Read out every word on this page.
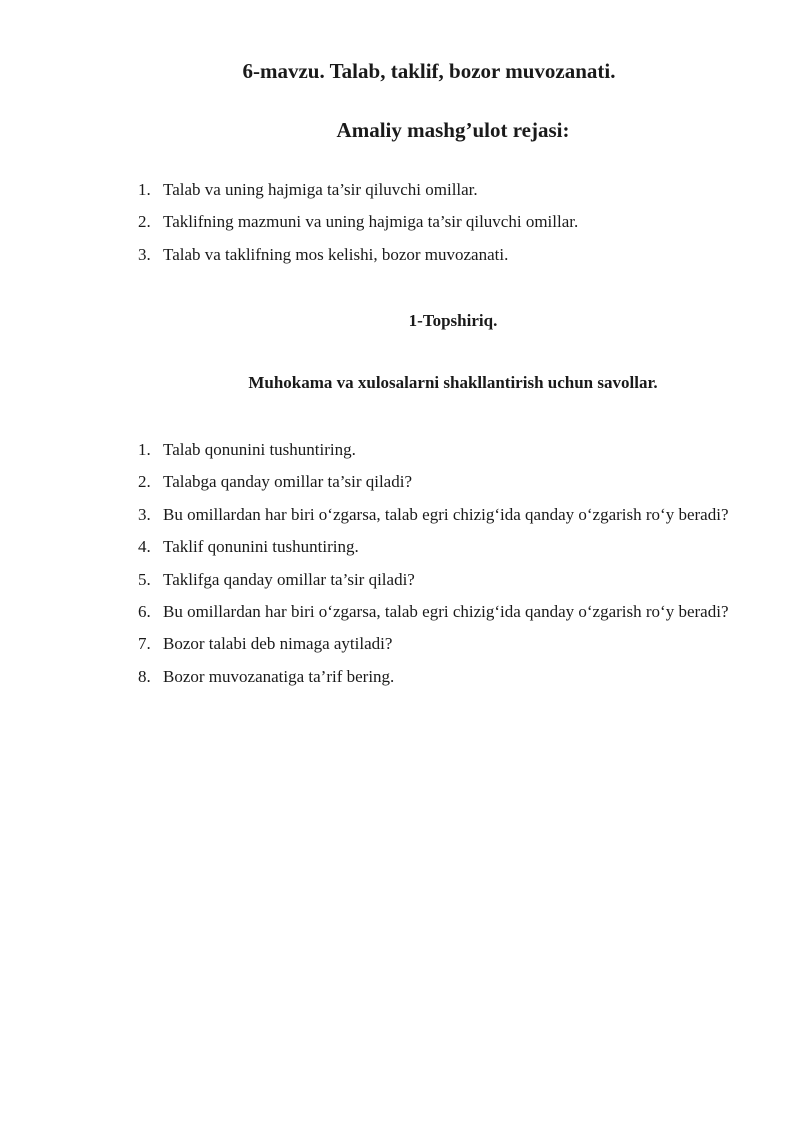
6-mavzu. Talab, taklif, bozor muvozanati.
Amaliy mashg’ulot rejasi:
1. Talab va uning hajmiga ta’sir qiluvchi omillar.
2. Taklifning mazmuni va uning hajmiga ta’sir qiluvchi omillar.
3. Talab va taklifning mos kelishi, bozor muvozanati.
1-Topshiriq.
Muhokama va xulosalarni shakllantirish uchun savollar.
1. Talab qonunini tushuntiring.
2. Talabga qanday omillar ta’sir qiladi?
3. Bu omillardan har biri o‘zgarsa, talab egri chizig‘ida qanday o‘zgarish ro‘y beradi?
4. Taklif qonunini tushuntiring.
5. Taklifga qanday omillar ta’sir qiladi?
6. Bu omillardan har biri o‘zgarsa, talab egri chizig‘ida qanday o‘zgarish ro‘y beradi?
7. Bozor talabi deb nimaga aytiladi?
8. Bozor muvozanatiga ta’rif bering.
